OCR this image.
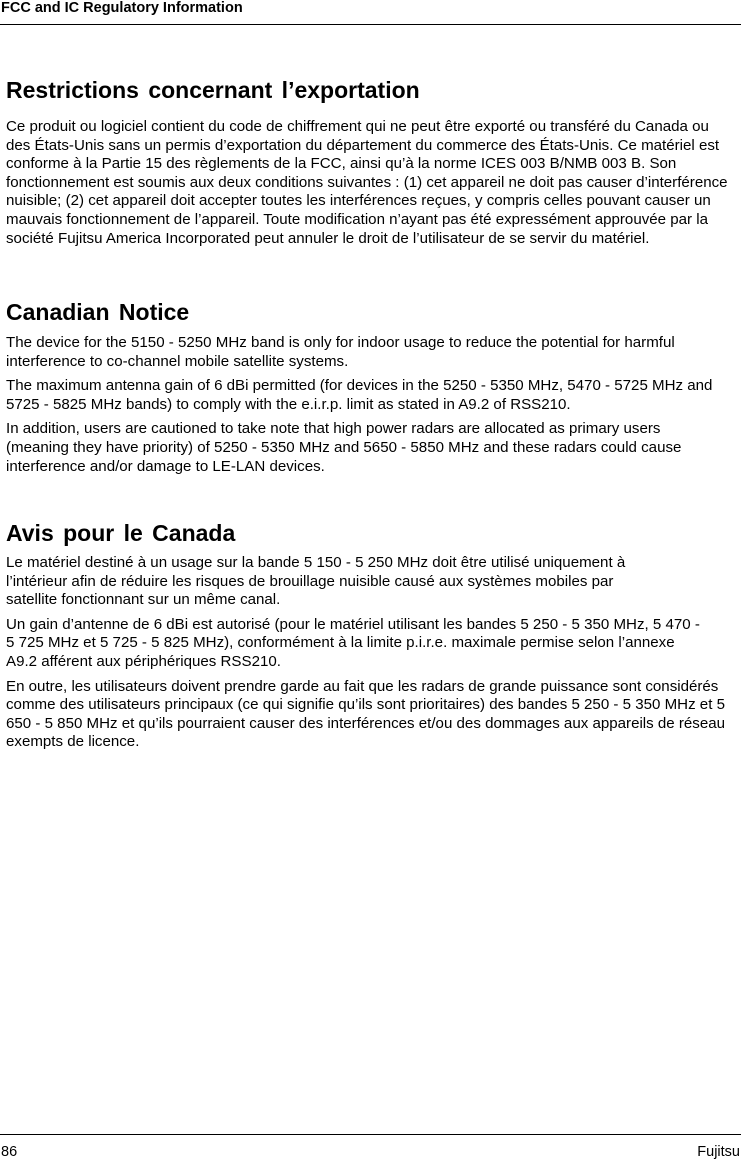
FCC and IC Regulatory Information
Restrictions concernant l’exportation

Ce produit ou logiciel contient du code de chiffrement qui ne peut être exporté ou transféré du Canada ou des États-Unis sans un permis d’exportation du département du commerce des États-Unis. Ce matériel est conforme à la Partie 15 des règlements de la FCC, ainsi qu’à la norme ICES 003 B/NMB 003 B. Son fonctionnement est soumis aux deux conditions suivantes : (1) cet appareil ne doit pas causer d’interférence nuisible; (2) cet appareil doit accepter toutes les interférences reçues, y compris celles pouvant causer un mauvais fonctionnement de l’appareil. Toute modification n’ayant pas été expressément approuvée par la société Fujitsu America Incorporated peut annuler le droit de l’utilisateur de se servir du matériel.

Canadian Notice

The device for the 5150 - 5250 MHz band is only for indoor usage to reduce the potential for harmful interference to co-channel mobile satellite systems.

The maximum antenna gain of 6 dBi permitted (for devices in the 5250 - 5350 MHz, 5470 - 5725 MHz and 5725 - 5825 MHz bands) to comply with the e.i.r.p. limit as stated in A9.2 of RSS210.

In addition, users are cautioned to take note that high power radars are allocated as primary users (meaning they have priority) of 5250 - 5350 MHz and 5650 - 5850 MHz and these radars could cause interference and/or damage to LE-LAN devices.

Avis pour le Canada

Le matériel destiné à un usage sur la bande 5 150 - 5 250 MHz doit être utilisé uniquement à l’intérieur afin de réduire les risques de brouillage nuisible causé aux systèmes mobiles par satellite fonctionnant sur un même canal.

Un gain d’antenne de 6 dBi est autorisé (pour le matériel utilisant les bandes 5 250 - 5 350 MHz, 5 470 - 5 725 MHz et 5 725 - 5 825 MHz), conformément à la limite p.i.r.e. maximale permise selon l’annexe A9.2 afférent aux périphériques RSS210.

En outre, les utilisateurs doivent prendre garde au fait que les radars de grande puissance sont considérés comme des utilisateurs principaux (ce qui signifie qu’ils sont prioritaires) des bandes 5 250 - 5 350 MHz et 5 650 - 5 850 MHz et qu’ils pourraient causer des interférences et/ou des dommages aux appareils de réseau exempts de licence.

86	Fujitsu
